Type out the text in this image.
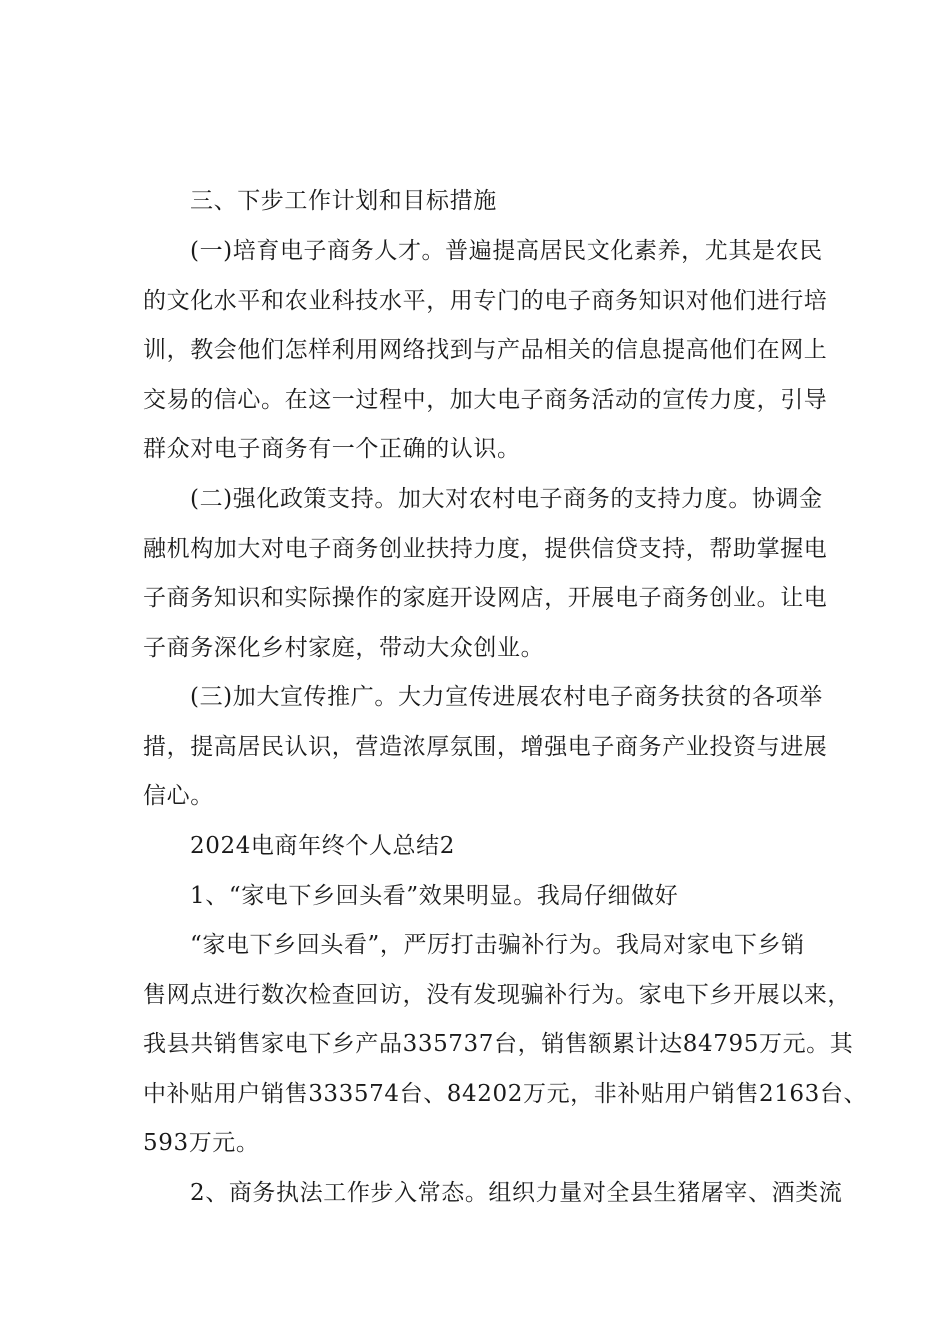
三、下步工作计划和目标措施
(一)培育电子商务人才。普遍提高居民文化素养，尤其是农民
的文化水平和农业科技水平，用专门的电子商务知识对他们进行培
训，教会他们怎样利用网络找到与产品相关的信息提高他们在网上
交易的信心。在这一过程中，加大电子商务活动的宣传力度，引导
群众对电子商务有一个正确的认识。
(二)强化政策支持。加大对农村电子商务的支持力度。协调金
融机构加大对电子商务创业扶持力度，提供信贷支持，帮助掌握电
子商务知识和实际操作的家庭开设网店，开展电子商务创业。让电
子商务深化乡村家庭，带动大众创业。
(三)加大宣传推广。大力宣传进展农村电子商务扶贫的各项举
措，提高居民认识，营造浓厚氛围，增强电子商务产业投资与进展
信心。
2024电商年终个人总结2
1、“家电下乡回头看”效果明显。我局仔细做好
“家电下乡回头看”，严厉打击骗补行为。我局对家电下乡销
售网点进行数次检查回访，没有发现骗补行为。家电下乡开展以来，
我县共销售家电下乡产品335737台，销售额累计达84795万元。其
中补贴用户销售333574台、84202万元，非补贴用户销售2163台、
593万元。
2、商务执法工作步入常态。组织力量对全县生猪屠宰、酒类流
